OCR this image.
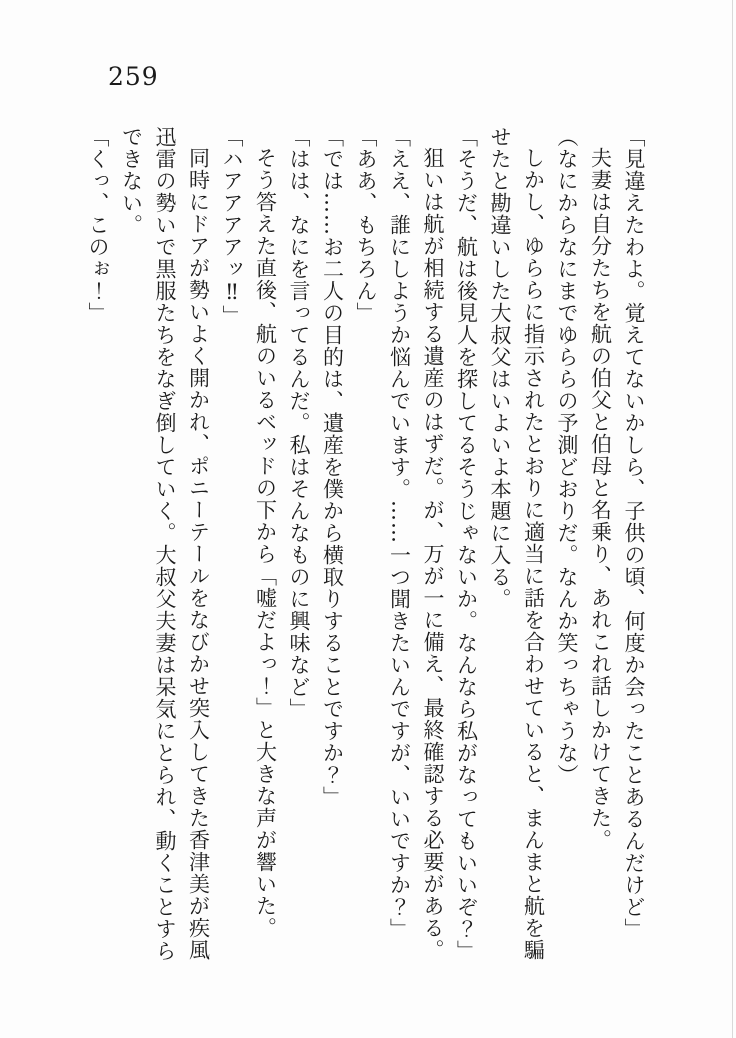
259

「見違えたわよ。覚えてないかしら、子供の頃、何度か会ったことあるんだけど」

夫妻は自分たちを航の伯父と伯母と名乗り、あれこれ話しかけてきた。

（なにからなにまでゆららの予測どおりだ。なんか笑っちゃうな）

しかし、ゆららに指示されたとおりに適当に話を合わせていると、まんまと航を騙せたと勘違いした大叔父はいよいよ本題に入る。

「そうだ、航は後見人を探してるそうじゃないか。なんなら私がなってもいいぞ？」

狙いは航が相続する遺産のはずだ。が、万が一に備え、最終確認する必要がある。

「ええ、誰にしようか悩んでいます。……一つ聞きたいんですが、いいですか？」

「ああ、もちろん」

「では……お二人の目的は、遺産を僕から横取りすることですか？」

「はは、なにを言ってるんだ。私はそんなものに興味など」

そう答えた直後、航のいるベッドの下から「嘘だよっ！」と大きな声が響いた。

「ハアアアアッ‼」

同時にドアが勢いよく開かれ、ポニーテールをなびかせ突入してきた香津美が疾風迅雷の勢いで黒服たちをなぎ倒していく。大叔父夫妻は呆気にとられ、動くことすらできない。

「くっ、このぉ！」
